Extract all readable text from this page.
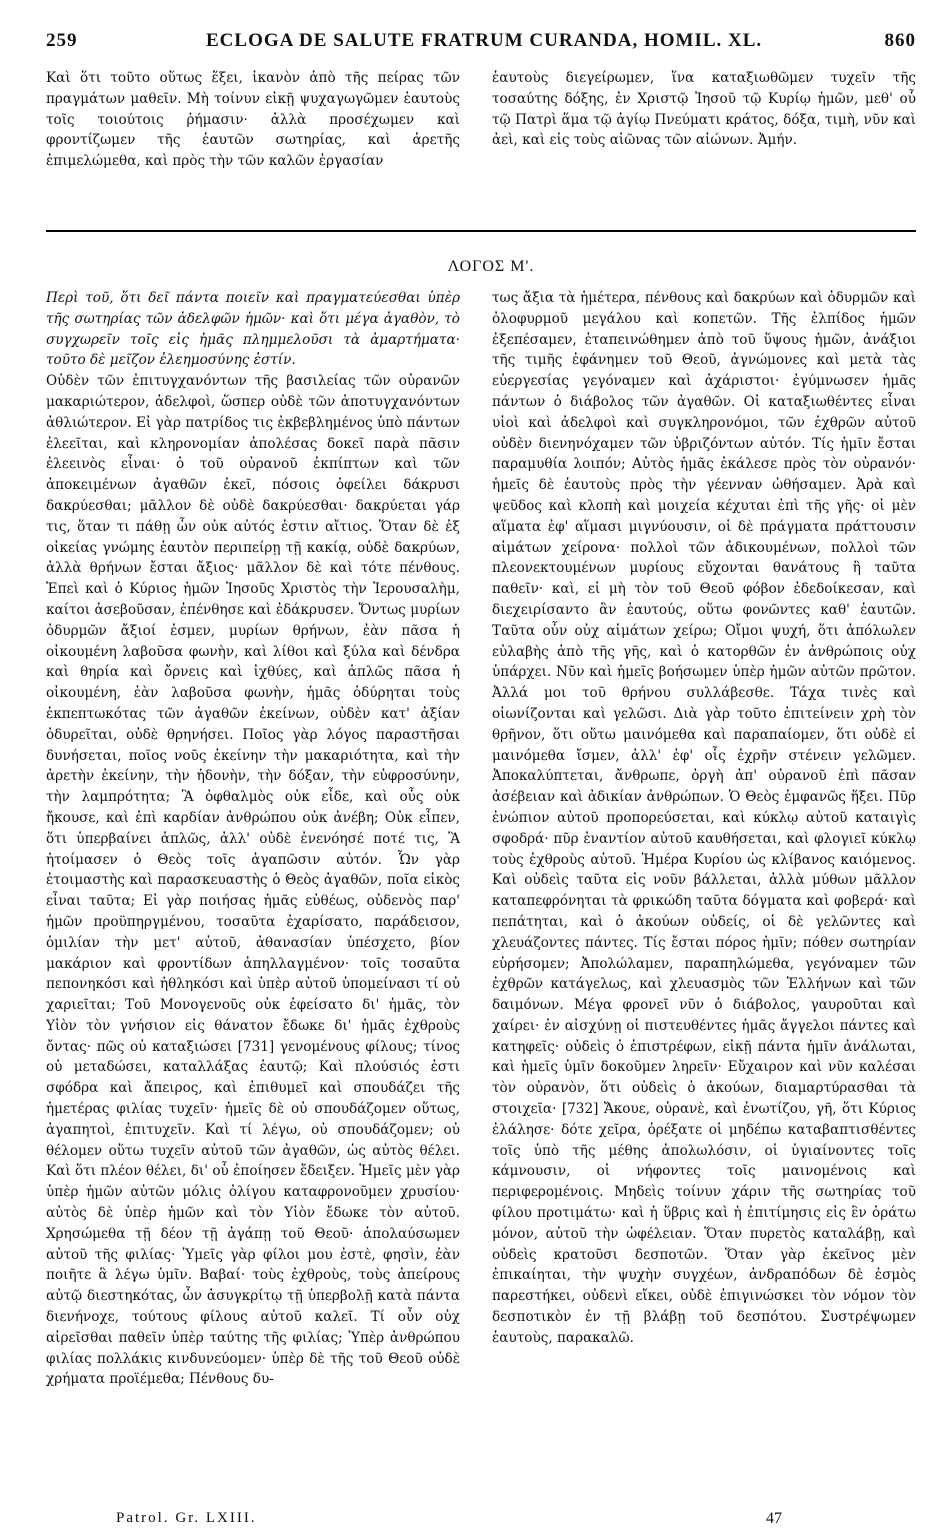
259	ECLOGA DE SALUTE FRATRUM CURANDA, HOMIL. XL.	860

Καὶ ὅτι τοῦτο οὕτως ἕξει, ἱκανὸν ἀπὸ τῆς πείρας τῶν πραγμάτων μαθεῖν. Μὴ τοίνυν εἰκῇ ψυχαγωγῶμεν ἑαυτοὺς τοῖς τοιούτοις ῥήμασιν· ἀλλὰ προσέχωμεν καὶ φροντίζωμεν τῆς ἑαυτῶν σωτηρίας, καὶ ἀρετῆς ἐπιμελώμεθα, καὶ πρὸς τὴν τῶν καλῶν ἐργασίαν

ἑαυτοὺς διεγείρωμεν, ἵνα καταξιωθῶμεν τυχεῖν τῆς τοσαύτης δόξης, ἐν Χριστῷ Ἰησοῦ τῷ Κυρίῳ ἡμῶν, μεθ' οὗ τῷ Πατρὶ ἅμα τῷ ἁγίῳ Πνεύματι κράτος, δόξα, τιμὴ, νῦν καὶ ἀεὶ, καὶ εἰς τοὺς αἰῶνας τῶν αἰώνων. Ἀμήν.

ΛΟΓΟΣ Μ'.

Περὶ τοῦ, ὅτι δεῖ πάντα ποιεῖν καὶ πραγματεύεσθαι ὑπὲρ τῆς σωτηρίας τῶν ἀδελφῶν ἡμῶν· καὶ ὅτι μέγα ἀγαθὸν, τὸ συγχωρεῖν τοῖς εἰς ἡμᾶς πλημμελοῦσι τὰ ἁμαρτήματα· τοῦτο δὲ μεῖζον ἐλεημοσύνης ἐστίν.

Οὐδὲν τῶν ἐπιτυγχανόντων τῆς βασιλείας τῶν οὐρανῶν μακαριώτερον, ἀδελφοὶ, ὥσπερ οὐδὲ τῶν ἀποτυγχανόντων ἀθλιώτερον. Εἰ γὰρ πατρίδος τις ἐκβεβλημένος ὑπὸ πάντων ἐλεεῖται, καὶ κληρονομίαν ἀπολέσας δοκεῖ παρὰ πᾶσιν ἐλεεινὸς εἶναι· ὁ τοῦ οὐρανοῦ ἐκπίπτων καὶ τῶν ἀποκειμένων ἀγαθῶν ἐκεῖ, πόσοις ὀφείλει δάκρυσι δακρύεσθαι; μᾶλλον δὲ οὐδὲ δακρύεσθαι· δακρύεται γάρ τις, ὅταν τι πάθῃ ὧν οὐκ αὐτός ἐστιν αἴτιος. Ὅταν δὲ ἐξ οἰκείας γνώμης ἑαυτὸν περιπείρῃ τῇ κακίᾳ, οὐδὲ δακρύων, ἀλλὰ θρήνων ἔσται ἄξιος· μᾶλλον δὲ καὶ τότε πένθους. Ἐπεὶ καὶ ὁ Κύριος ἡμῶν Ἰησοῦς Χριστὸς τὴν Ἱερουσαλὴμ, καίτοι ἀσεβοῦσαν, ἐπένθησε καὶ ἐδάκρυσεν. Ὄντως μυρίων ὀδυρμῶν ἄξιοί ἐσμεν, μυρίων θρήνων, ἐὰν πᾶσα ἡ οἰκουμένη λαβοῦσα φωνὴν, καὶ λίθοι καὶ ξύλα καὶ δένδρα καὶ θηρία καὶ ὄρνεις καὶ ἰχθύες, καὶ ἁπλῶς πᾶσα ἡ οἰκουμένη, ἐὰν λαβοῦσα φωνὴν, ἡμᾶς ὀδύρηται τοὺς ἐκπεπτωκότας τῶν ἀγαθῶν ἐκείνων, οὐδὲν κατ' ἀξίαν ὀδυρεῖται, οὐδὲ θρηνήσει. Ποῖος γὰρ λόγος παραστῆσαι δυνήσεται, ποῖος νοῦς ἐκείνην τὴν μακαριότητα, καὶ τὴν ἀρετὴν ἐκείνην, τὴν ἡδονὴν, τὴν δόξαν, τὴν εὐφροσύνην, τὴν λαμπρότητα; Ἃ ὀφθαλμὸς οὐκ εἶδε, καὶ οὖς οὐκ ἤκουσε, καὶ ἐπὶ καρδίαν ἀνθρώπου οὐκ ἀνέβη; Οὐκ εἶπεν, ὅτι ὑπερβαίνει ἁπλῶς, ἀλλ' οὐδὲ ἐνενόησέ ποτέ τις, Ἃ ἡτοίμασεν ὁ Θεὸς τοῖς ἀγαπῶσιν αὐτόν. Ὧν γὰρ ἐτοιμαστὴς καὶ παρασκευαστὴς ὁ Θεὸς ἀγαθῶν, ποῖα εἰκὸς εἶναι ταῦτα; Εἰ γὰρ ποιήσας ἡμᾶς εὐθέως, οὐδενὸς παρ' ἡμῶν προϋπηργμένου, τοσαῦτα ἐχαρίσατο, παράδεισον, ὁμιλίαν τὴν μετ' αὐτοῦ, ἀθανασίαν ὑπέσχετο, βίον μακάριον καὶ φροντίδων ἀπηλλαγμένον· τοῖς τοσαῦτα πεπονηκόσι καὶ ἠθληκόσι καὶ ὑπὲρ αὐτοῦ ὑπομείνασι τί οὐ χαριεῖται; Τοῦ Μονογενοῦς οὐκ ἐφείσατο δι' ἡμᾶς, τὸν Υἱὸν τὸν γνήσιον εἰς θάνατον ἔδωκε δι' ἡμᾶς ἐχθροὺς ὄντας· πῶς οὐ καταξιώσει [731] γενομένους φίλους; τίνος οὐ μεταδώσει, καταλλάξας ἑαυτῷ; Καὶ πλούσιός ἐστι σφόδρα καὶ ἄπειρος, καὶ ἐπιθυμεῖ καὶ σπουδάζει τῆς ἡμετέρας φιλίας τυχεῖν· ἡμεῖς δὲ οὐ σπουδάζομεν οὕτως, ἀγαπητοὶ, ἐπιτυχεῖν. Καὶ τί λέγω, οὐ σπουδάζομεν; οὐ θέλομεν οὕτω τυχεῖν αὐτοῦ τῶν ἀγαθῶν, ὡς αὐτὸς θέλει. Καὶ ὅτι πλέον θέλει, δι' οὗ ἐποίησεν ἔδειξεν. Ἡμεῖς μὲν γὰρ ὑπὲρ ἡμῶν αὐτῶν μόλις ὀλίγου καταφρονοῦμεν χρυσίου· αὐτὸς δὲ ὑπὲρ ἡμῶν καὶ τὸν Υἱὸν ἔδωκε τὸν αὐτοῦ. Χρησώμεθα τῇ δέον τῇ ἀγάπῃ τοῦ Θεοῦ· ἀπολαύσωμεν αὐτοῦ τῆς φιλίας· Ὑμεῖς γὰρ φίλοι μου ἐστὲ, φησὶν, ἐὰν ποιῆτε ἃ λέγω ὑμῖν. Βαβαί· τοὺς ἐχθροὺς, τοὺς ἀπείρους αὐτῷ διεστηκότας, ὧν ἀσυγκρίτῳ τῇ ὑπερβολῇ κατὰ πάντα διενήνοχε, τούτους φίλους αὐτοῦ καλεῖ. Τί οὖν οὐχ αἱρεῖσθαι παθεῖν ὑπὲρ ταύτης τῆς φιλίας; Ὑπὲρ ἀνθρώπου φιλίας πολλάκις κινδυνεύομεν· ὑπὲρ δὲ τῆς τοῦ Θεοῦ οὐδὲ χρήματα προϊέμεθα; Πένθους δυ-

τως ἄξια τὰ ἡμέτερα, πένθους καὶ δακρύων καὶ ὀδυρμῶν καὶ ὀλοφυρμοῦ μεγάλου καὶ κοπετῶν. Τῆς ἐλπίδος ἡμῶν ἐξεπέσαμεν, ἐταπεινώθημεν ἀπὸ τοῦ ὕψους ἡμῶν, ἀνάξιοι τῆς τιμῆς ἐφάνημεν τοῦ Θεοῦ, ἀγνώμονες καὶ μετὰ τὰς εὐεργεσίας γεγόναμεν καὶ ἀχάριστοι· ἐγύμνωσεν ἡμᾶς πάντων ὁ διάβολος τῶν ἀγαθῶν. Οἱ καταξιωθέντες εἶναι υἱοὶ καὶ ἀδελφοὶ καὶ συγκληρονόμοι, τῶν ἐχθρῶν αὐτοῦ οὐδὲν διενηνόχαμεν τῶν ὑβριζόντων αὐτόν. Τίς ἡμῖν ἔσται παραμυθία λοιπόν; Αὐτὸς ἡμᾶς ἐκάλεσε πρὸς τὸν οὐρανόν· ἡμεῖς δὲ ἑαυτοὺς πρὸς τὴν γέενναν ὠθήσαμεν. Ἀρὰ καὶ ψεῦδος καὶ κλοπὴ καὶ μοιχεία κέχυται ἐπὶ τῆς γῆς· οἱ μὲν αἵματα ἐφ' αἵμασι μιγνύουσιν, οἱ δὲ πράγματα πράττουσιν αἱμάτων χείρονα· πολλοὶ τῶν ἀδικουμένων, πολλοὶ τῶν πλεονεκτουμένων μυρίους εὔχονται θανάτους ἢ ταῦτα παθεῖν· καὶ, εἰ μὴ τὸν τοῦ Θεοῦ φόβον ἐδεδοίκεσαν, καὶ διεχειρίσαντο ἂν ἑαυτούς, οὕτω φονῶντες καθ' ἑαυτῶν. Ταῦτα οὖν οὐχ αἱμάτων χείρω; Οἴμοι ψυχή, ὅτι ἀπόλωλεν εὐλαβὴς ἀπὸ τῆς γῆς, καὶ ὁ κατορθῶν ἐν ἀνθρώποις οὐχ ὑπάρχει. Νῦν καὶ ἡμεῖς βοήσωμεν ὑπὲρ ἡμῶν αὐτῶν πρῶτον. Ἀλλά μοι τοῦ θρήνου συλλάβεσθε. Τάχα τινὲς καὶ οἰωνίζονται καὶ γελῶσι. Διὰ γὰρ τοῦτο ἐπιτείνειν χρὴ τὸν θρῆνον, ὅτι οὕτω μαινόμεθα καὶ παραπαίομεν, ὅτι οὐδὲ εἰ μαινόμεθα ἴσμεν, ἀλλ' ἐφ' οἷς ἐχρῆν στένειν γελῶμεν. Ἀποκαλύπτεται, ἄνθρωπε, ὀργὴ ἀπ' οὐρανοῦ ἐπὶ πᾶσαν ἀσέβειαν καὶ ἀδικίαν ἀνθρώπων. Ὁ Θεὸς ἐμφανῶς ἥξει. Πῦρ ἐνώπιον αὐτοῦ προπορεύσεται, καὶ κύκλῳ αὐτοῦ καταιγὶς σφοδρά· πῦρ ἐναντίον αὐτοῦ καυθήσεται, καὶ φλογιεῖ κύκλῳ τοὺς ἐχθροὺς αὐτοῦ. Ἡμέρα Κυρίου ὡς κλίβανος καιόμενος. Καὶ οὐδεὶς ταῦτα εἰς νοῦν βάλλεται, ἀλλὰ μύθων μᾶλλον καταπεφρόνηται τὰ φρικώδη ταῦτα δόγματα καὶ φοβερά· καὶ πεπάτηται, καὶ ὁ ἀκούων οὐδείς, οἱ δὲ γελῶντες καὶ χλευάζοντες πάντες. Τίς ἔσται πόρος ἡμῖν; πόθεν σωτηρίαν εὑρήσομεν; Ἀπολώλαμεν, παραπηλώμεθα, γεγόναμεν τῶν ἐχθρῶν κατάγελως, καὶ χλευασμὸς τῶν Ἑλλήνων καὶ τῶν δαιμόνων. Μέγα φρονεῖ νῦν ὁ διάβολος, γαυροῦται καὶ χαίρει· ἐν αἰσχύνῃ οἱ πιστευθέντες ἡμᾶς ἄγγελοι πάντες καὶ κατηφεῖς· οὐδεὶς ὁ ἐπιστρέφων, εἰκῇ πάντα ἡμῖν ἀνάλωται, καὶ ἡμεῖς ὑμῖν δοκοῦμεν ληρεῖν· Εὔχαιρον καὶ νῦν καλέσαι τὸν οὐρανὸν, ὅτι οὐδεὶς ὁ ἀκούων, διαμαρτύρασθαι τὰ στοιχεῖα· [732] Ἄκουε, οὐρανὲ, καὶ ἐνωτίζου, γῆ, ὅτι Κύριος ἐλάλησε· δότε χεῖρα, ὀρέξατε οἱ μηδέπω καταβαπτισθέντες τοῖς ὑπὸ τῆς μέθης ἀπολωλόσιν, οἱ ὑγιαίνοντες τοῖς κάμνουσιν, οἱ νήφοντες τοῖς μαινομένοις καὶ περιφερομένοις. Μηδεὶς τοίνυν χάριν τῆς σωτηρίας τοῦ φίλου προτιμάτω· καὶ ἡ ὕβρις καὶ ἡ ἐπιτίμησις εἰς ἓν ὁράτω μόνον, αὐτοῦ τὴν ὠφέλειαν. Ὅταν πυρετὸς καταλάβῃ, καὶ οὐδεὶς κρατοῦσι δεσποτῶν. Ὅταν γὰρ ἐκεῖνος μὲν ἐπικαίηται, τὴν ψυχὴν συγχέων, ἀνδραπόδων δὲ ἐσμὸς παρεστήκει, οὐδενὶ εἴκει, οὐδὲ ἐπιγινώσκει τὸν νόμον τὸν δεσποτικὸν ἐν τῇ βλάβῃ τοῦ δεσπότου. Συστρέψωμεν ἑαυτοὺς, παρακαλῶ.

Patrol. Gr. LXIII.	47
